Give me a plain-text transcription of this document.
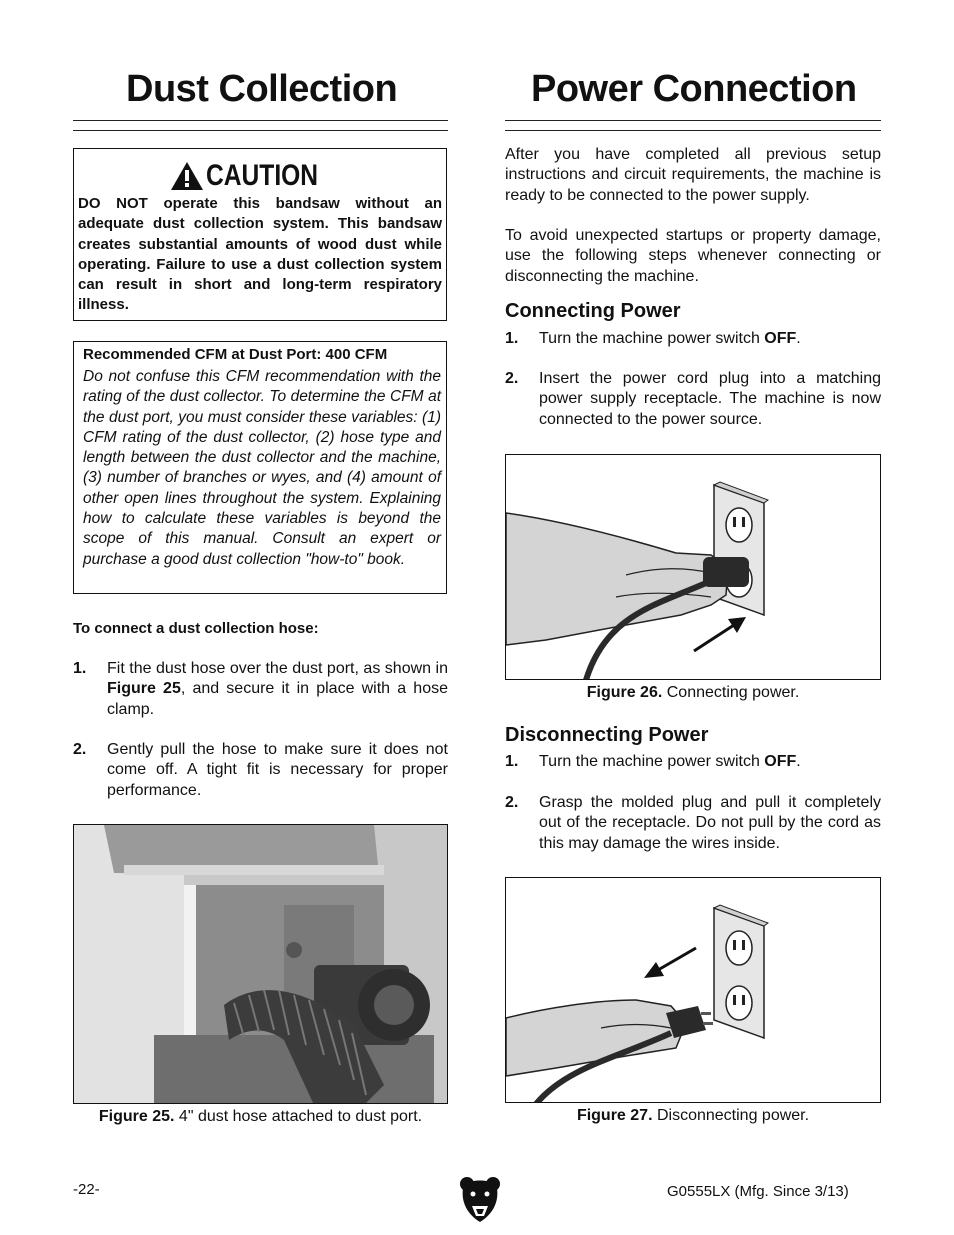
Dust Collection
CAUTION

DO NOT operate this bandsaw without an adequate dust collection system. This bandsaw creates substantial amounts of wood dust while operating. Failure to use a dust collection system can result in short and long-term respiratory illness.

Recommended CFM at Dust Port: 400 CFM

Do not confuse this CFM recommendation with the rating of the dust collector. To determine the CFM at the dust port, you must consider these variables: (1) CFM rating of the dust collector, (2) hose type and length between the dust collector and the machine, (3) number of branches or wyes, and (4) amount of other open lines throughout the system. Explaining how to calculate these variables is beyond the scope of this manual. Consult an expert or purchase a good dust collection "how-to" book.

To connect a dust collection hose:

1. Fit the dust hose over the dust port, as shown in Figure 25, and secure it in place with a hose clamp.

2. Gently pull the hose to make sure it does not come off. A tight fit is necessary for proper performance.

Figure 25. 4" dust hose attached to dust port.

Power Connection

After you have completed all previous setup instructions and circuit requirements, the machine is ready to be connected to the power supply.

To avoid unexpected startups or property damage, use the following steps whenever connecting or disconnecting the machine.

Connecting Power

1. Turn the machine power switch OFF.

2. Insert the power cord plug into a matching power supply receptacle. The machine is now connected to the power source.

Figure 26. Connecting power.

Disconnecting Power

1. Turn the machine power switch OFF.

2. Grasp the molded plug and pull it completely out of the receptacle. Do not pull by the cord as this may damage the wires inside.

Figure 27. Disconnecting power.

-22-	G0555LX (Mfg. Since 3/13)
